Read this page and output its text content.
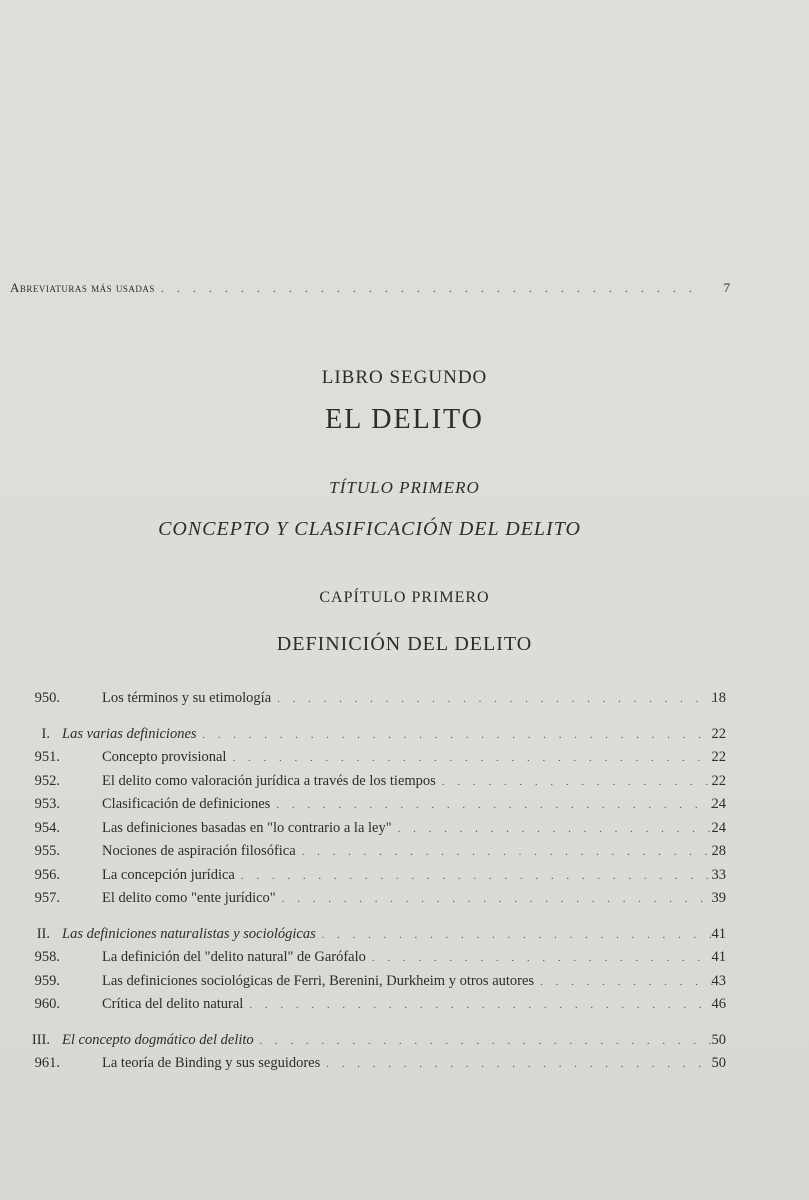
Abreviaturas más usadas . . .	7
LIBRO SEGUNDO
EL DELITO
TÍTULO PRIMERO
CONCEPTO Y CLASIFICACIÓN DEL DELITO
CAPÍTULO PRIMERO
DEFINICIÓN DEL DELITO
950.	Los términos y su etimología . . .	18
I. Las varias definiciones . . .	22
951.	Concepto provisional . . .	22
952.	El delito como valoración jurídica a través de los tiempos . . .	22
953.	Clasificación de definiciones . . .	24
954.	Las definiciones basadas en "lo contrario a la ley" . . .	24
955.	Nociones de aspiración filosófica . . .	28
956.	La concepción jurídica . . .	33
957.	El delito como "ente jurídico" . . .	39
II. Las definiciones naturalistas y sociológicas . . .	41
958.	La definición del "delito natural" de Garófalo . . .	41
959.	Las definiciones sociológicas de Ferri, Berenini, Durkheim y otros autores . . .	43
960.	Crítica del delito natural . . .	46
III. El concepto dogmático del delito . . .	50
961.	La teoría de Binding y sus seguidores . . .	50
